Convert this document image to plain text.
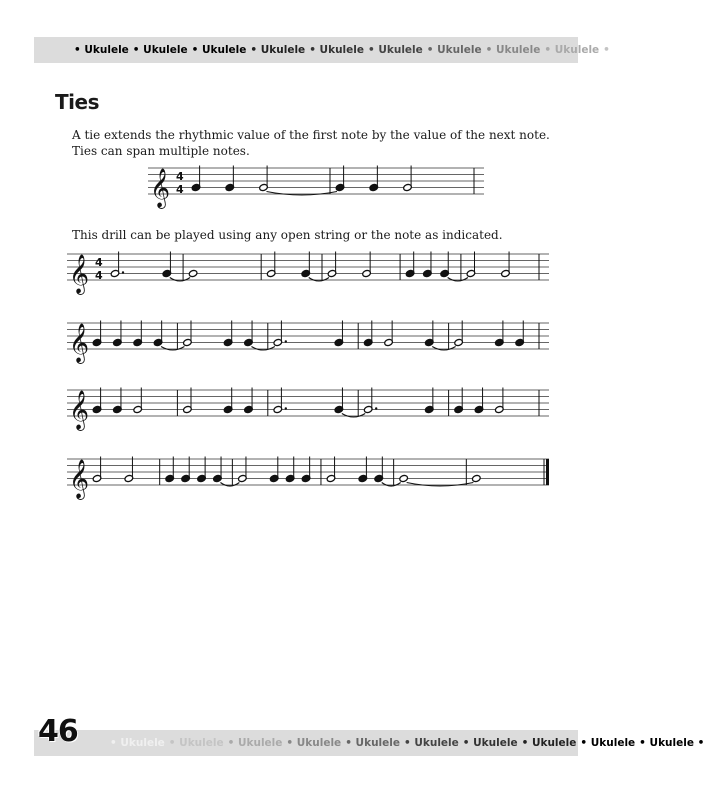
• Ukulele • Ukulele • Ukulele • Ukulele • Ukulele • Ukulele • Ukulele • Ukulele • Ukulele •
Ties

A tie extends the rhythmic value of the first note by the value of the next note. Ties can span multiple notes.

𝄞 4
4

This drill can be played using any open string or the note as indicated.

𝄞 4
4
𝄞
𝄞
𝄞
• Ukulele • Ukulele • Ukulele • Ukulele • Ukulele • Ukulele • Ukulele • Ukulele • Ukulele • Ukulele •
46
